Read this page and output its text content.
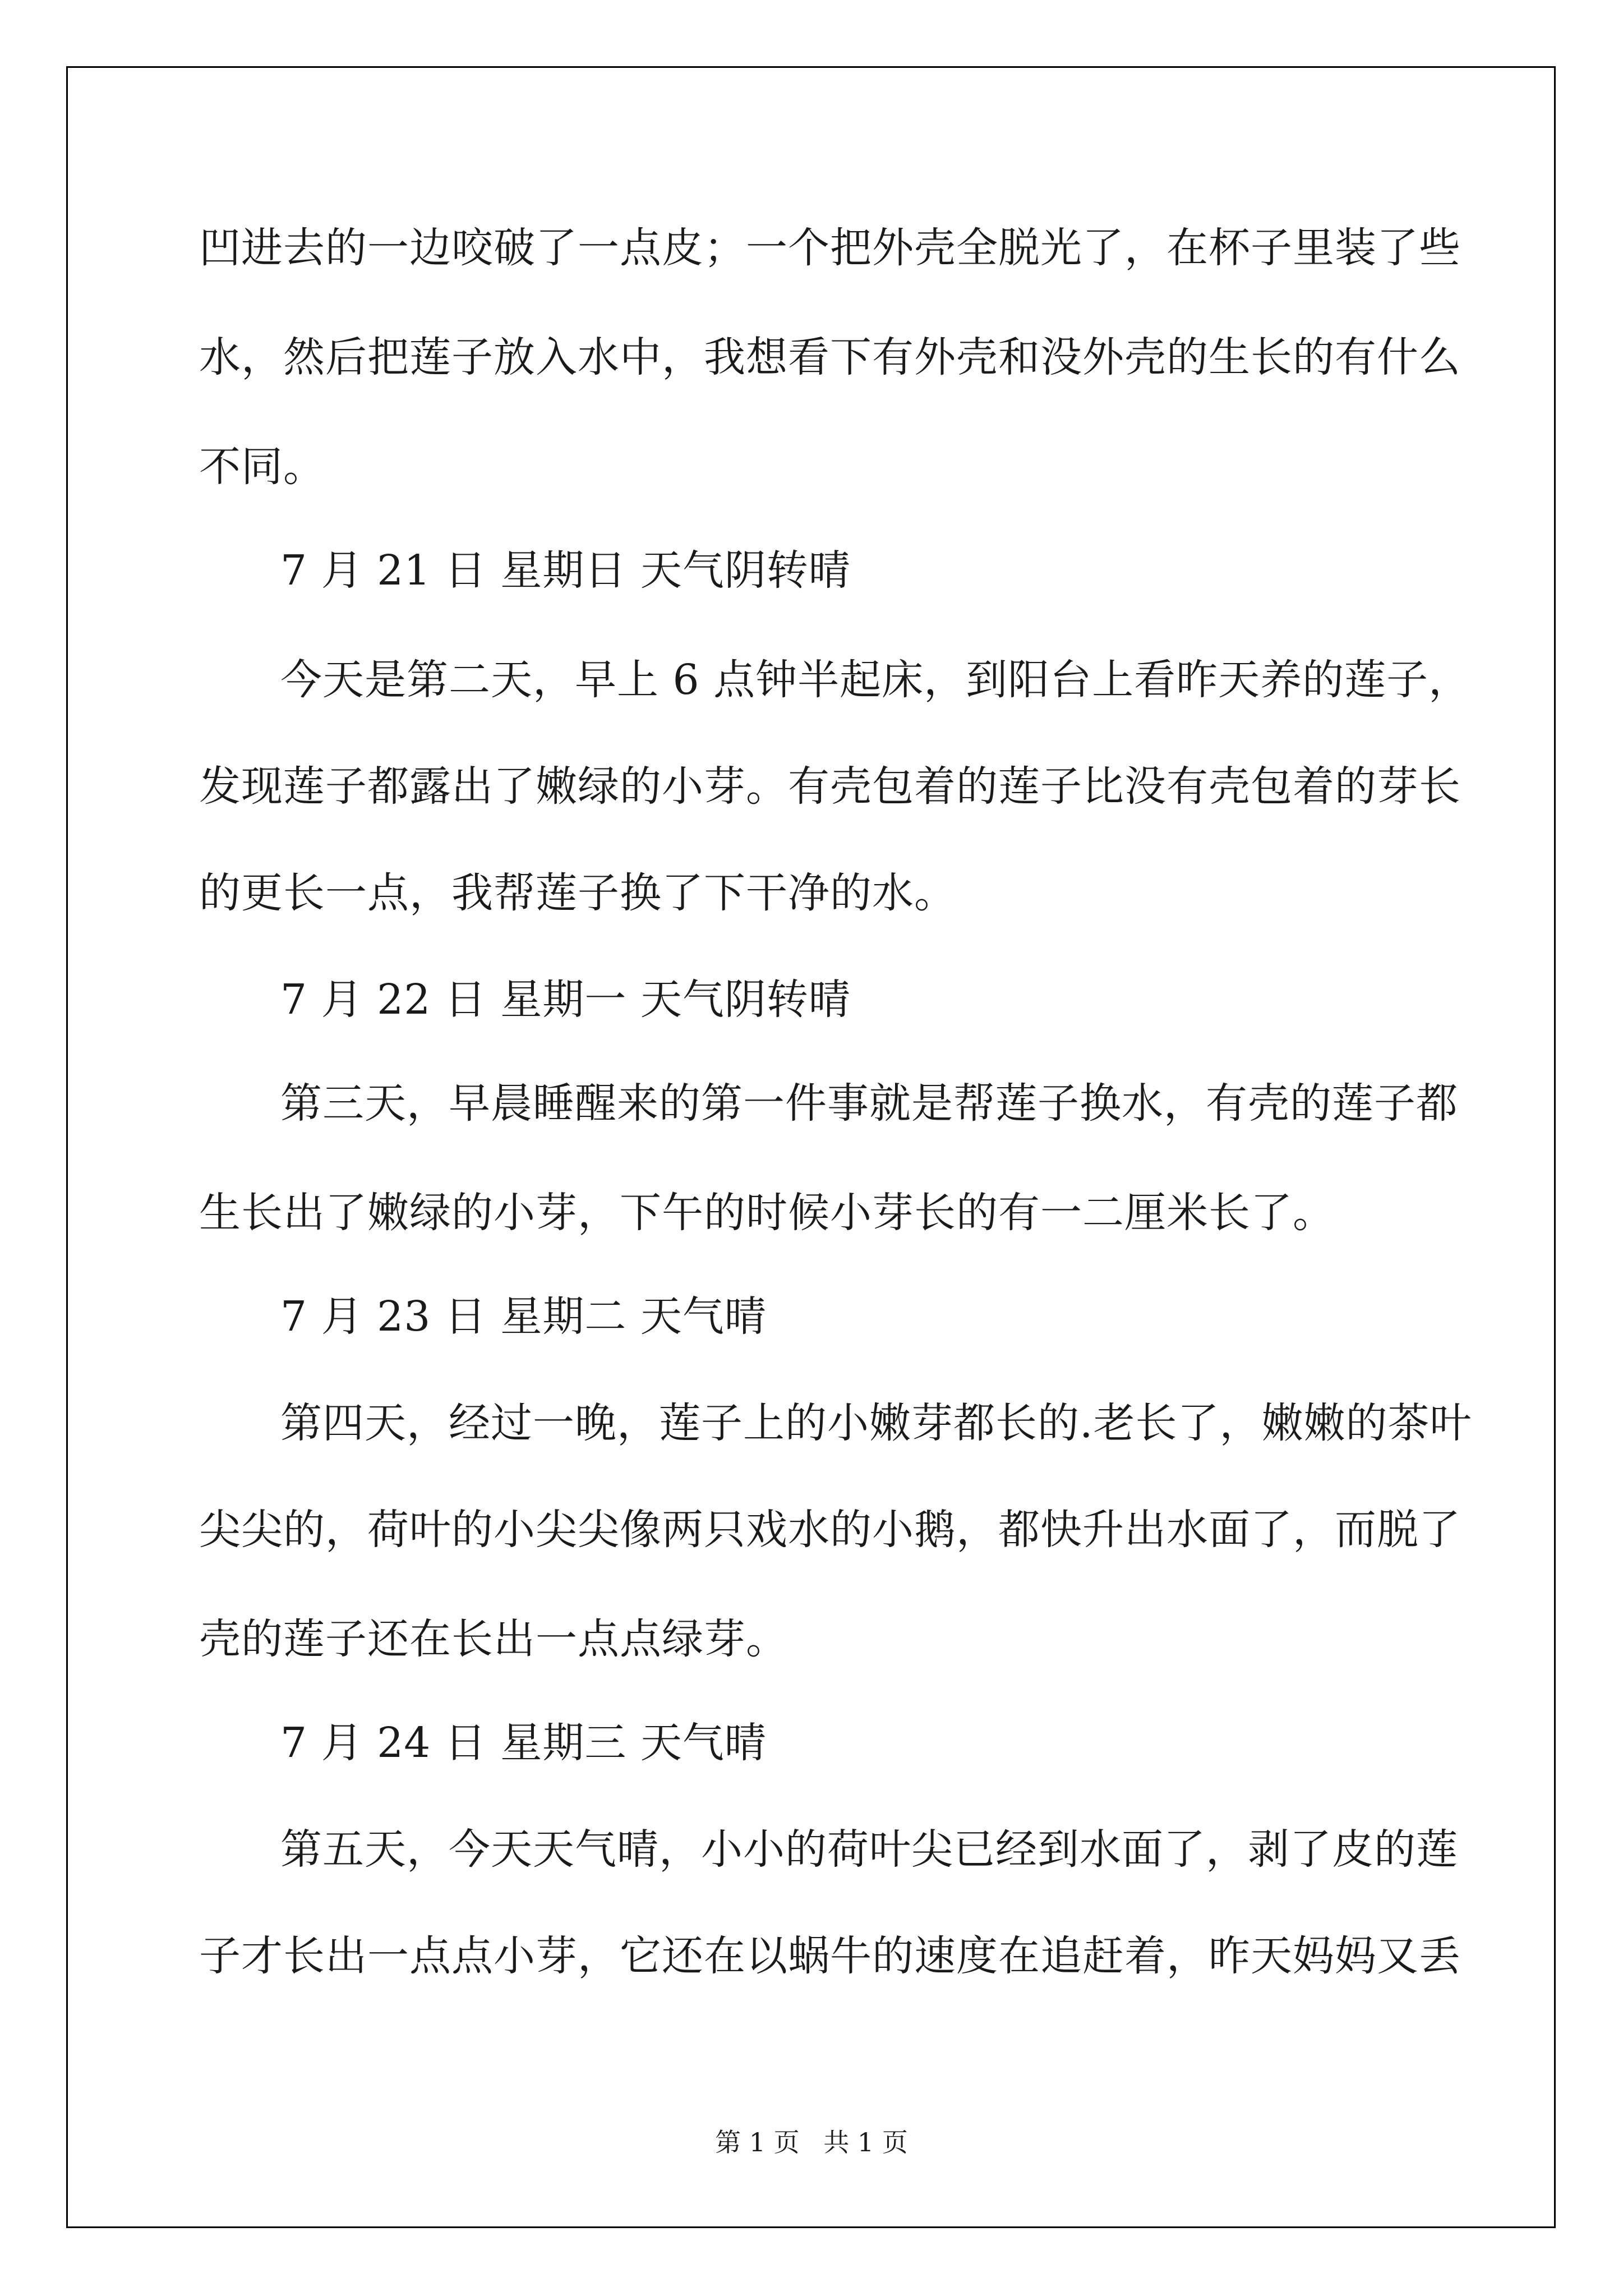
凹进去的一边咬破了一点皮；一个把外壳全脱光了，在杯子里装了些
水，然后把莲子放入水中，我想看下有外壳和没外壳的生长的有什么
不同。
7 月 21 日 星期日 天气阴转晴
今天是第二天，早上 6 点钟半起床，到阳台上看昨天养的莲子，
发现莲子都露出了嫩绿的小芽。有壳包着的莲子比没有壳包着的芽长
的更长一点，我帮莲子换了下干净的水。
7 月 22 日 星期一 天气阴转晴
第三天，早晨睡醒来的第一件事就是帮莲子换水，有壳的莲子都
生长出了嫩绿的小芽，下午的时候小芽长的有一二厘米长了。
7 月 23 日 星期二 天气晴
第四天，经过一晚，莲子上的小嫩芽都长的.老长了，嫩嫩的茶叶
尖尖的，荷叶的小尖尖像两只戏水的小鹅，都快升出水面了，而脱了
壳的莲子还在长出一点点绿芽。
7 月 24 日 星期三 天气晴
第五天，今天天气晴，小小的荷叶尖已经到水面了，剥了皮的莲
子才长出一点点小芽，它还在以蜗牛的速度在追赶着，昨天妈妈又丢
第 1 页 共 1 页
